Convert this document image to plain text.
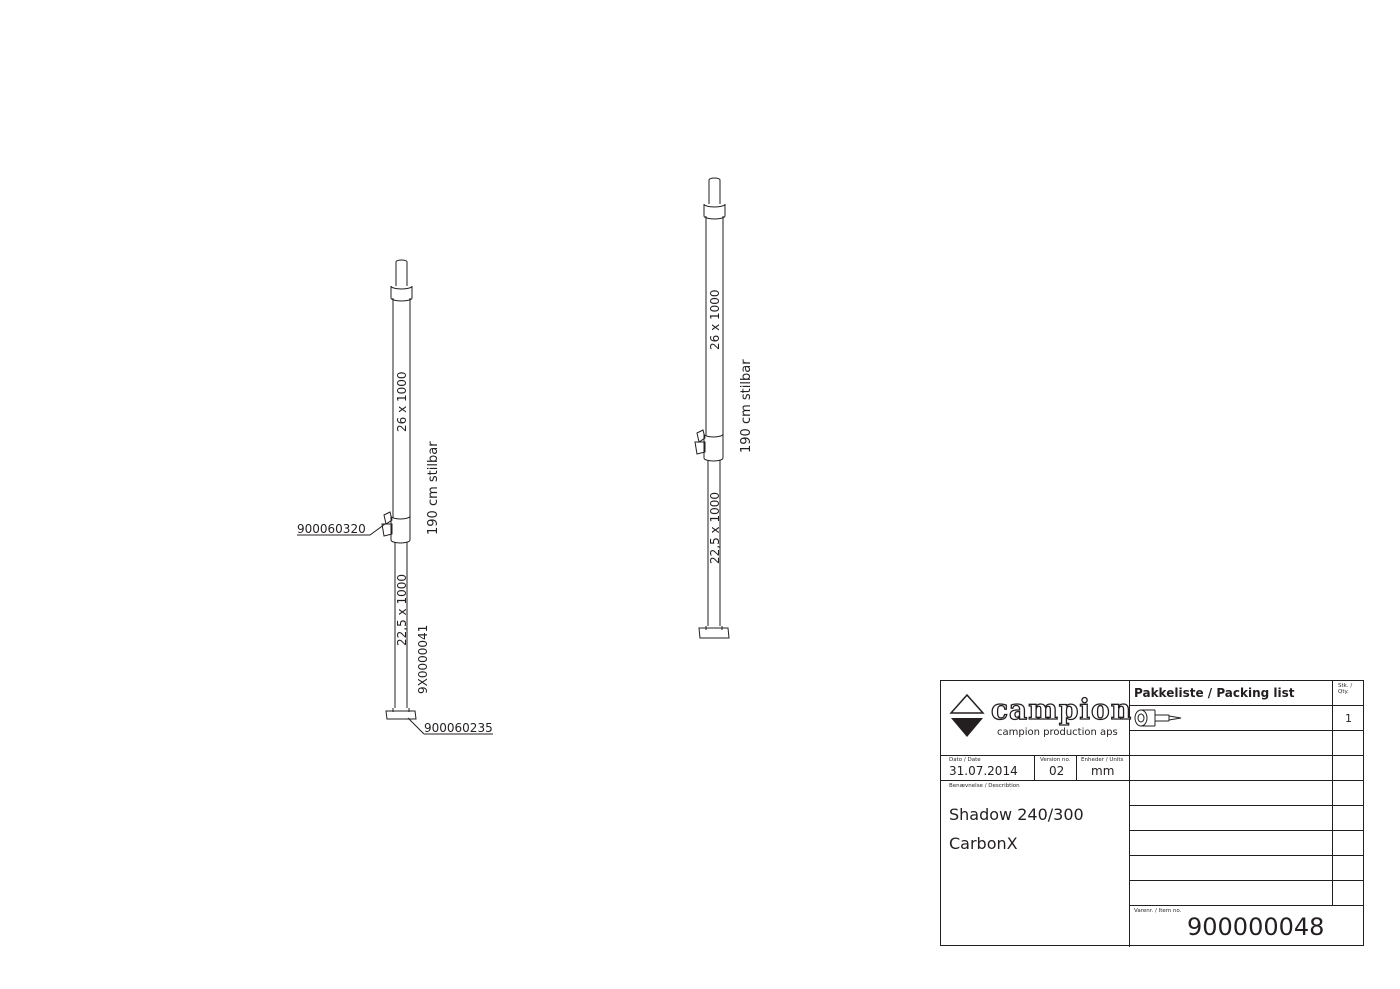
26 x 1000
22,5 x 1000
190 cm stilbar
9X0000041
900060320
900060235
26 x 1000
22,5 x 1000
190 cm stilbar
campion
campion production aps
Dato / Date
31.07.2014
Version no.
02
Enheder / Units
mm
Benævnelse / Describtion
Shadow 240/300
CarbonX
Pakkeliste / Packing list	Stk. / Qty.
1
Varenr. / Item no.
900000048
